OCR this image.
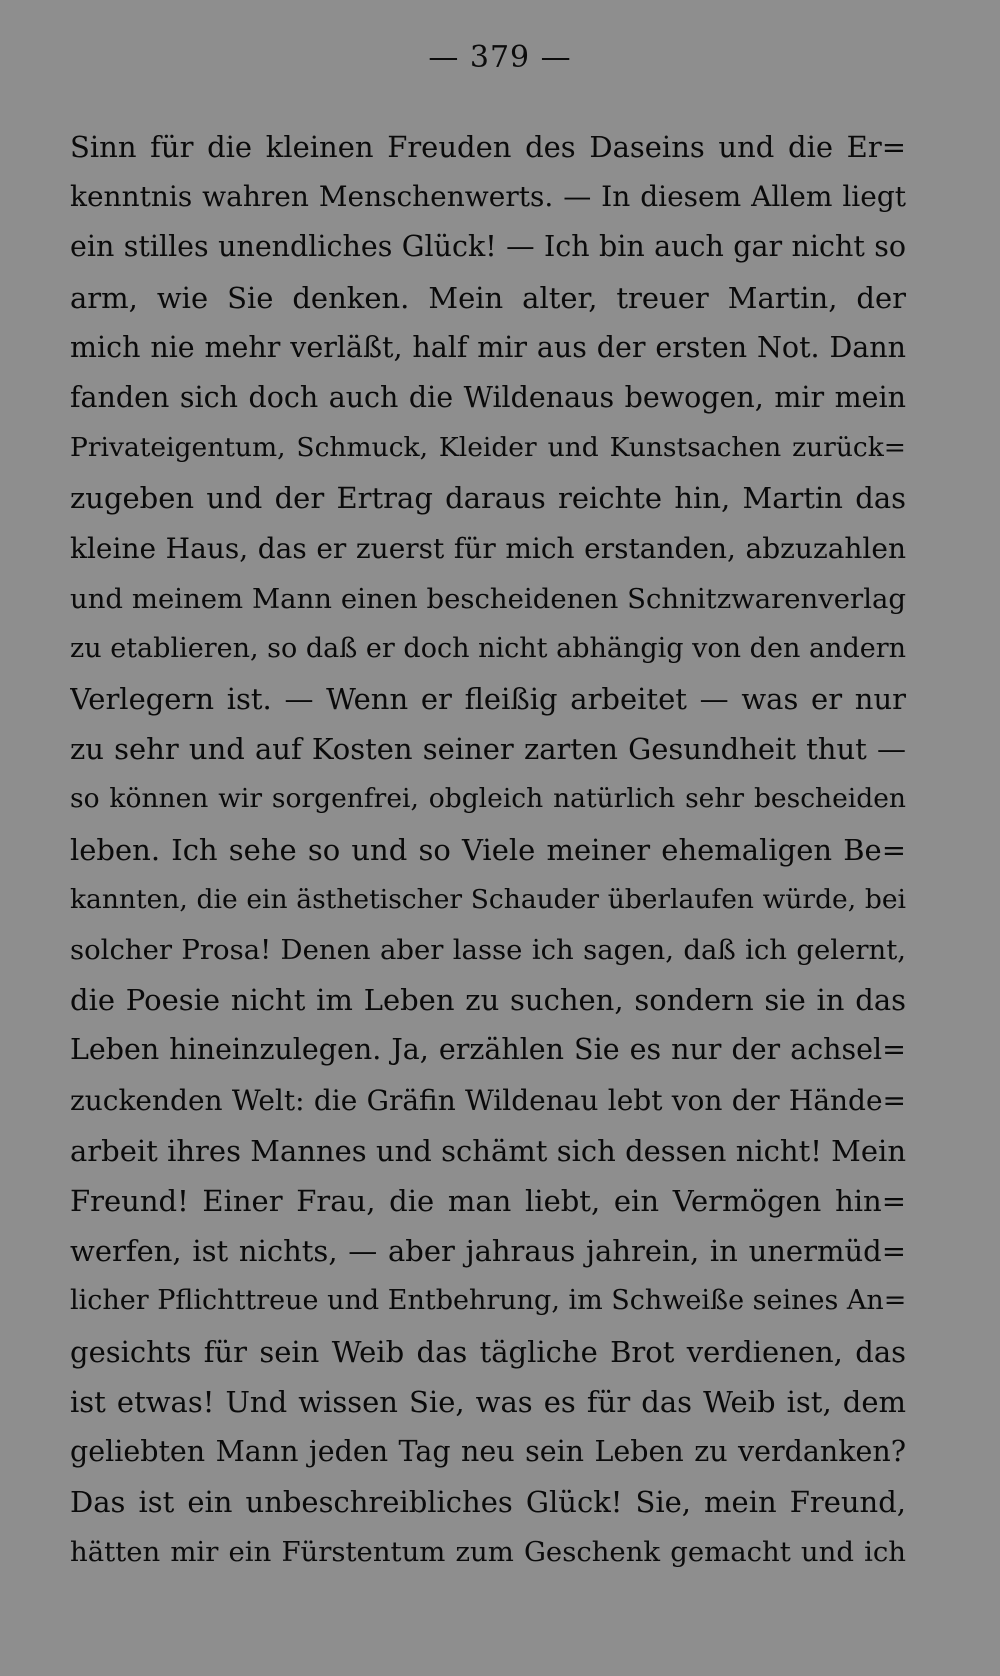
— 379 —
Sinn für die kleinen Freuden des Daseins und die Er=
kenntnis wahren Menschenwerts. — In diesem Allem liegt
ein stilles unendliches Glück! — Ich bin auch gar nicht so
arm, wie Sie denken. Mein alter, treuer Martin, der
mich nie mehr verläßt, half mir aus der ersten Not. Dann
fanden sich doch auch die Wildenaus bewogen, mir mein
Privateigentum, Schmuck, Kleider und Kunstsachen zurück=
zugeben und der Ertrag daraus reichte hin, Martin das
kleine Haus, das er zuerst für mich erstanden, abzuzahlen
und meinem Mann einen bescheidenen Schnitzwarenverlag
zu etablieren, so daß er doch nicht abhängig von den andern
Verlegern ist. — Wenn er fleißig arbeitet — was er nur
zu sehr und auf Kosten seiner zarten Gesundheit thut —
so können wir sorgenfrei, obgleich natürlich sehr bescheiden
leben. Ich sehe so und so Viele meiner ehemaligen Be=
kannten, die ein ästhetischer Schauder überlaufen würde, bei
solcher Prosa! Denen aber lasse ich sagen, daß ich gelernt,
die Poesie nicht im Leben zu suchen, sondern sie in das
Leben hineinzulegen. Ja, erzählen Sie es nur der achsel=
zuckenden Welt: die Gräfin Wildenau lebt von der Hände=
arbeit ihres Mannes und schämt sich dessen nicht! Mein
Freund! Einer Frau, die man liebt, ein Vermögen hin=
werfen, ist nichts, — aber jahraus jahrein, in unermüd=
licher Pflichttreue und Entbehrung, im Schweiße seines An=
gesichts für sein Weib das tägliche Brot verdienen, das
ist etwas! Und wissen Sie, was es für das Weib ist, dem
geliebten Mann jeden Tag neu sein Leben zu verdanken?
Das ist ein unbeschreibliches Glück! Sie, mein Freund,
hätten mir ein Fürstentum zum Geschenk gemacht und ich
